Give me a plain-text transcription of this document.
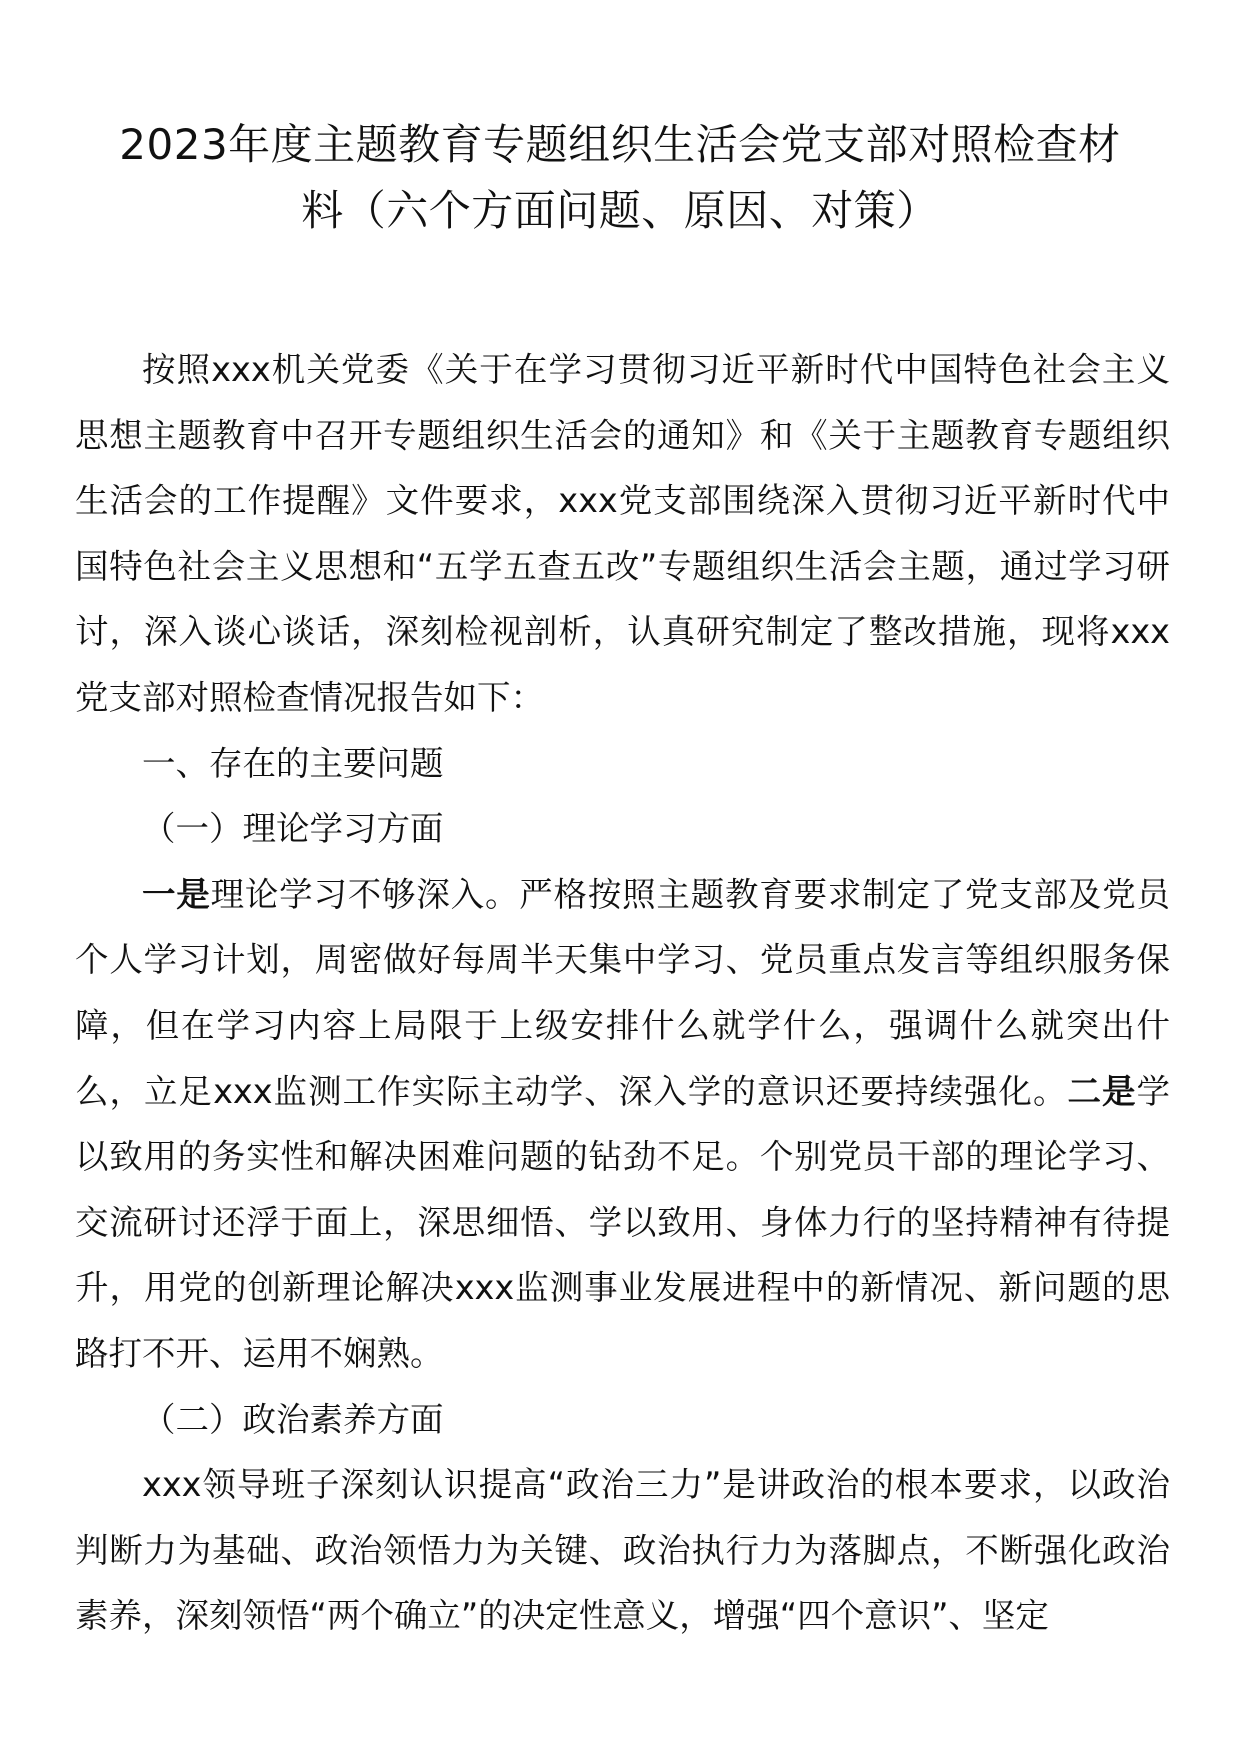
2023年度主题教育专题组织生活会党支部对照检查材
料（六个方面问题、原因、对策）

按照xxx机关党委《关于在学习贯彻习近平新时代中国特色社会主义思想主题教育中召开专题组织生活会的通知》和《关于主题教育专题组织生活会的工作提醒》文件要求，xxx党支部围绕深入贯彻习近平新时代中国特色社会主义思想和“五学五查五改”专题组织生活会主题，通过学习研讨，深入谈心谈话，深刻检视剖析，认真研究制定了整改措施，现将xxx党支部对照检查情况报告如下：

一、存在的主要问题

（一）理论学习方面

一是理论学习不够深入。严格按照主题教育要求制定了党支部及党员个人学习计划，周密做好每周半天集中学习、党员重点发言等组织服务保障，但在学习内容上局限于上级安排什么就学什么，强调什么就突出什么，立足xxx监测工作实际主动学、深入学的意识还要持续强化。二是学以致用的务实性和解决困难问题的钻劲不足。个别党员干部的理论学习、交流研讨还浮于面上，深思细悟、学以致用、身体力行的坚持精神有待提升，用党的创新理论解决xxx监测事业发展进程中的新情况、新问题的思路打不开、运用不娴熟。

（二）政治素养方面

xxx领导班子深刻认识提高“政治三力”是讲政治的根本要求，以政治判断力为基础、政治领悟力为关键、政治执行力为落脚点，不断强化政治素养，深刻领悟“两个确立”的决定性意义，增强“四个意识”、坚定
